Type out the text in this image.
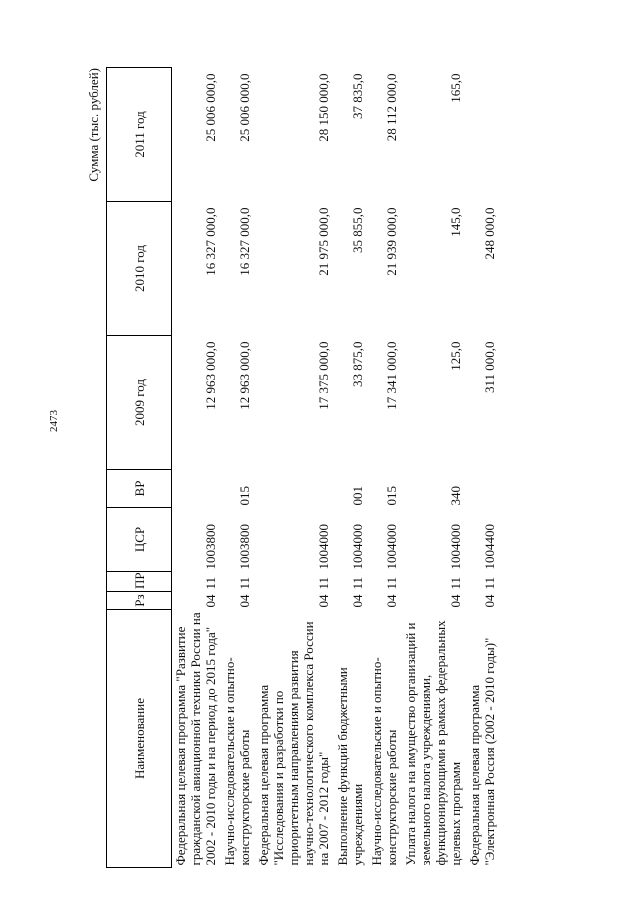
2473
Сумма (тыс. рублей)
Наименование	Рз	ПР	ЦСР	ВР	2009 год	2010 год	2011 год
Федеральная целевая программа "Развитие гражданской авиационной техники России на 2002 - 2010 годы и на период до 2015 года"	04	11	1003800		12 963 000,0	16 327 000,0	25 006 000,0
Научно-исследовательские и опытно-конструкторские работы	04	11	1003800	015	12 963 000,0	16 327 000,0	25 006 000,0
Федеральная целевая программа "Исследования и разработки по приоритетным направлениям развития научно-технологического комплекса России на 2007 - 2012 годы"	04	11	1004000		17 375 000,0	21 975 000,0	28 150 000,0
Выполнение функций бюджетными учреждениями	04	11	1004000	001	33 875,0	35 855,0	37 835,0
Научно-исследовательские и опытно-конструкторские работы	04	11	1004000	015	17 341 000,0	21 939 000,0	28 112 000,0
Уплата налога на имущество организаций и земельного налога учреждениями, функционирующими в рамках федеральных целевых программ	04	11	1004000	340	125,0	145,0	165,0
Федеральная целевая программа "Электронная Россия (2002 - 2010 годы)"	04	11	1004400		311 000,0	248 000,0	
